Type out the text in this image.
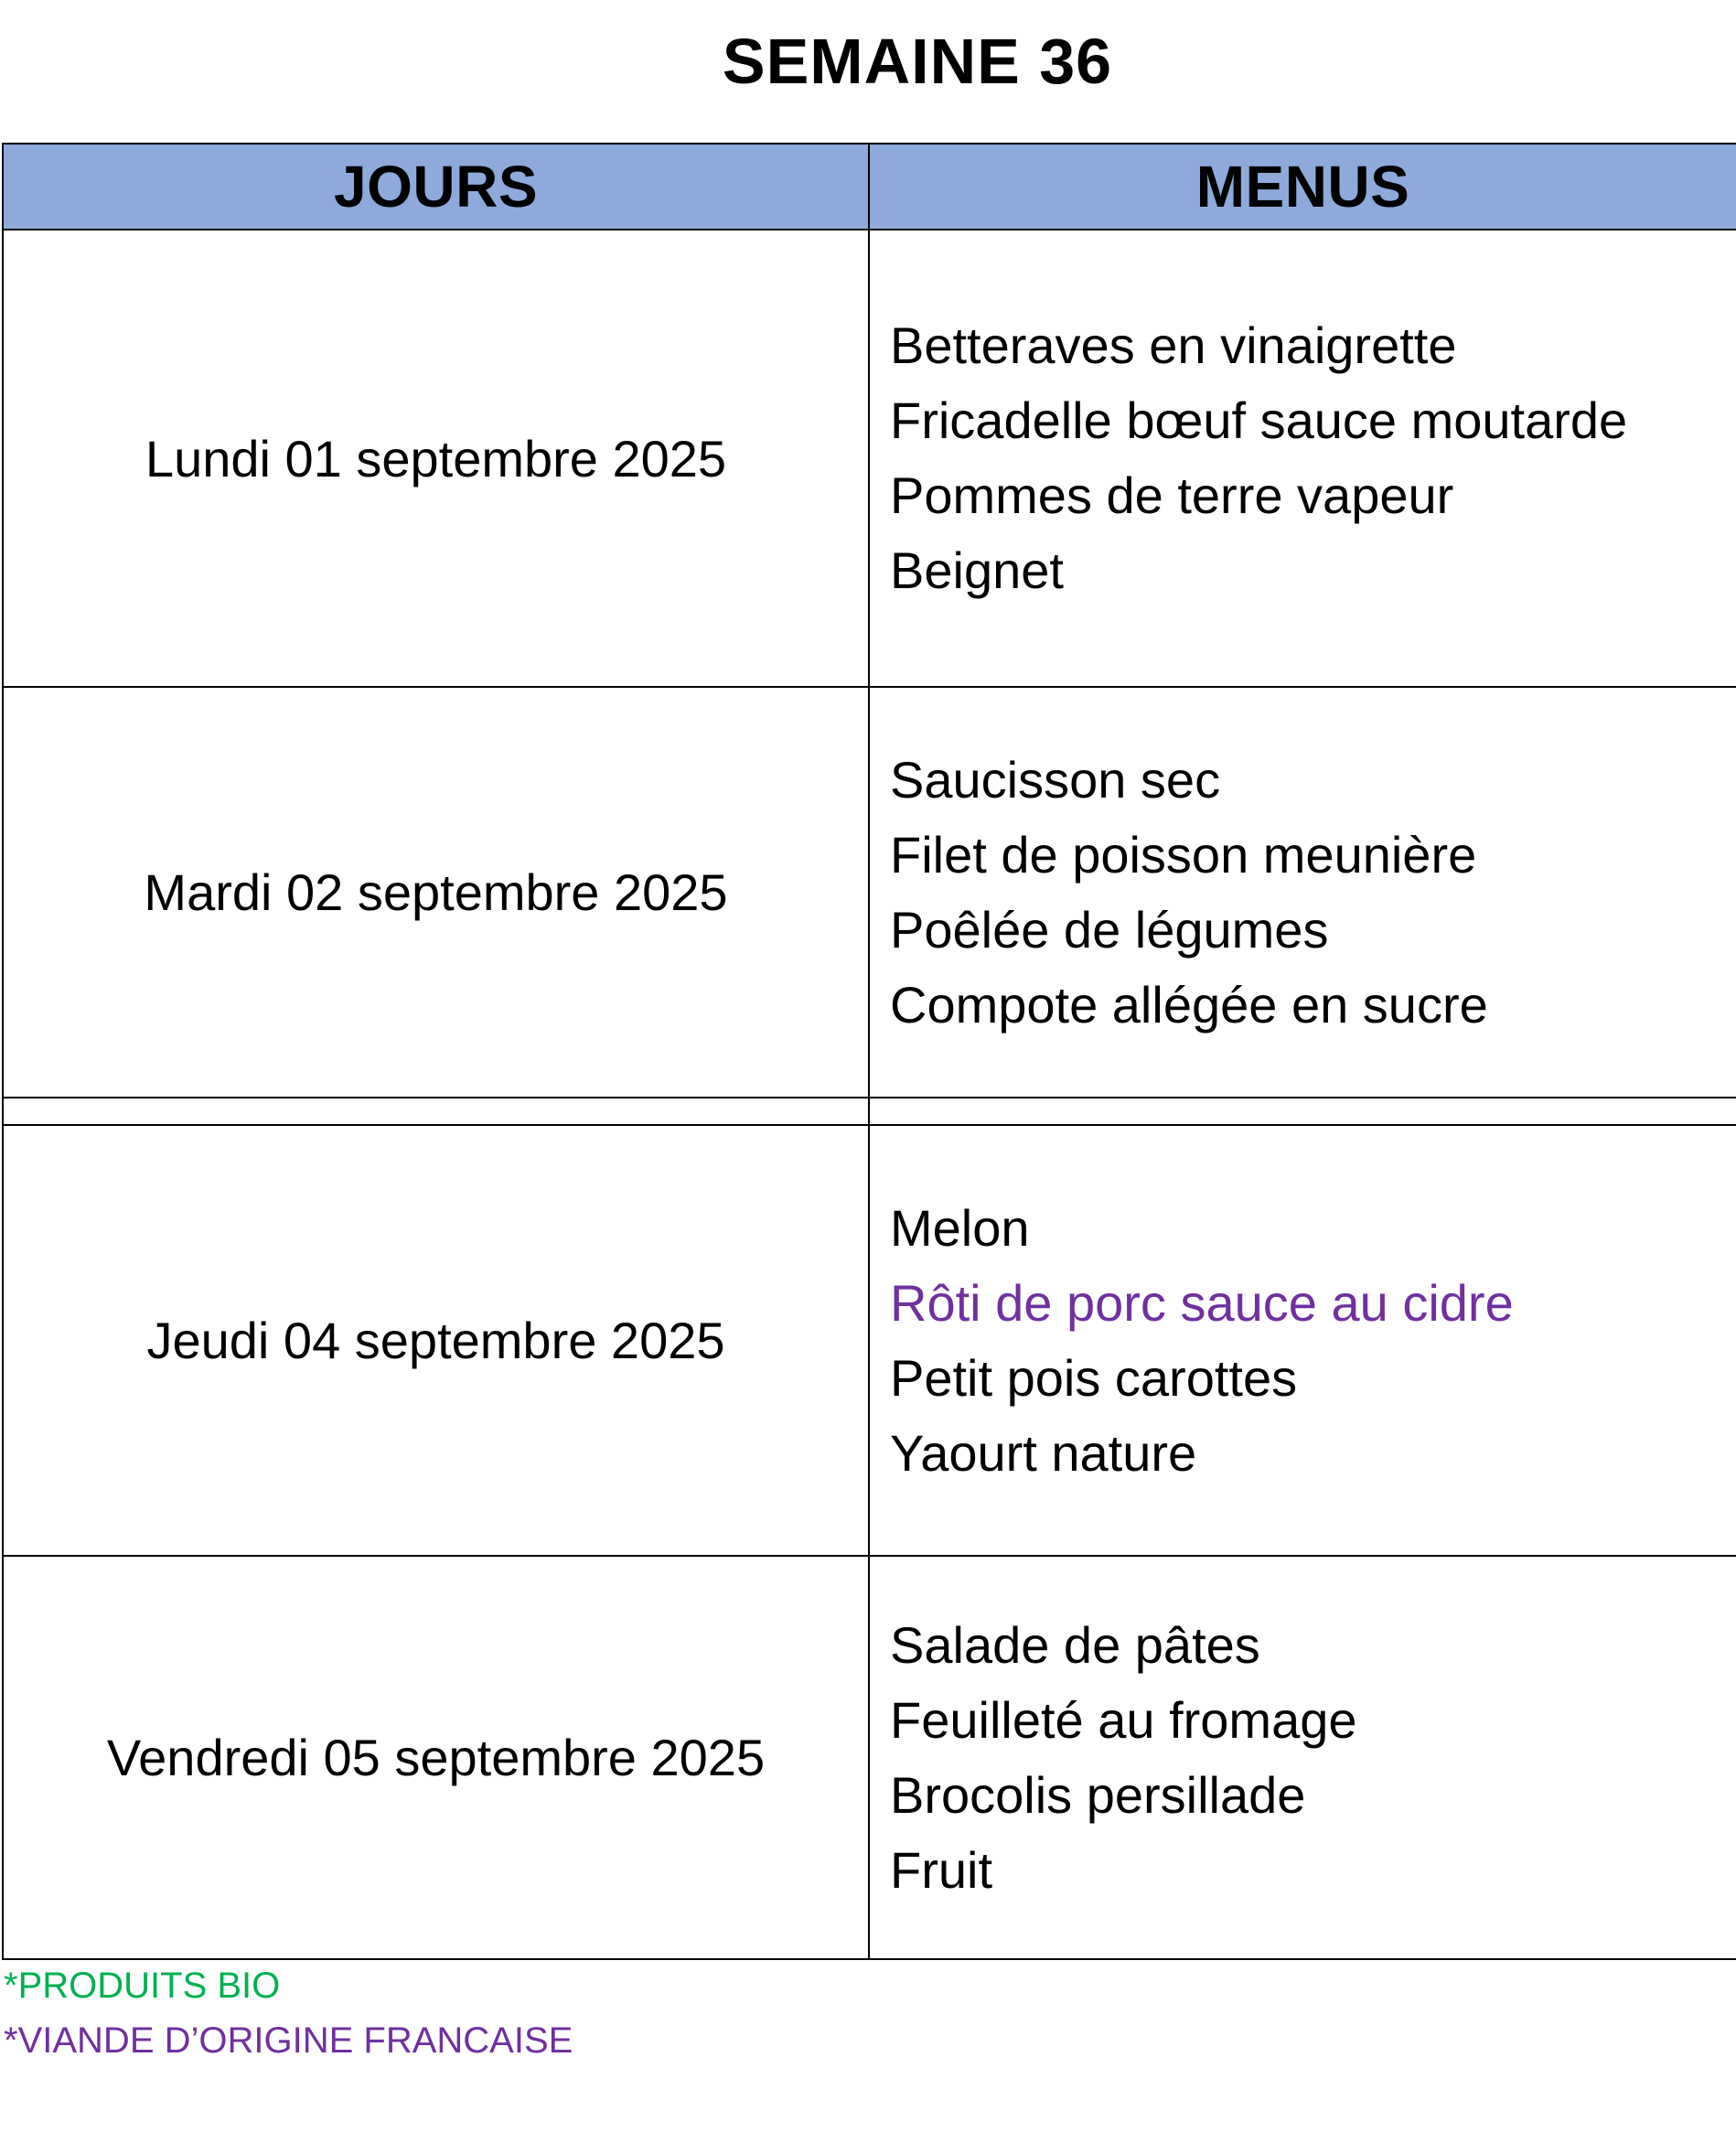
SEMAINE 36
JOURS	MENUS
Lundi 01 septembre 2025	Betteraves en vinaigrette
Fricadelle bœuf sauce moutarde
Pommes de terre vapeur
Beignet

Mardi 02 septembre 2025	Saucisson sec
Filet de poisson meunière
Poêlée de légumes
Compote allégée en sucre

Jeudi 04 septembre 2025	Melon
Rôti de porc sauce au cidre
Petit pois carottes
Yaourt nature

Vendredi 05 septembre 2025	Salade de pâtes
Feuilleté au fromage
Brocolis persillade
Fruit
*PRODUITS BIO
*VIANDE D’ORIGINE FRANCAISE
